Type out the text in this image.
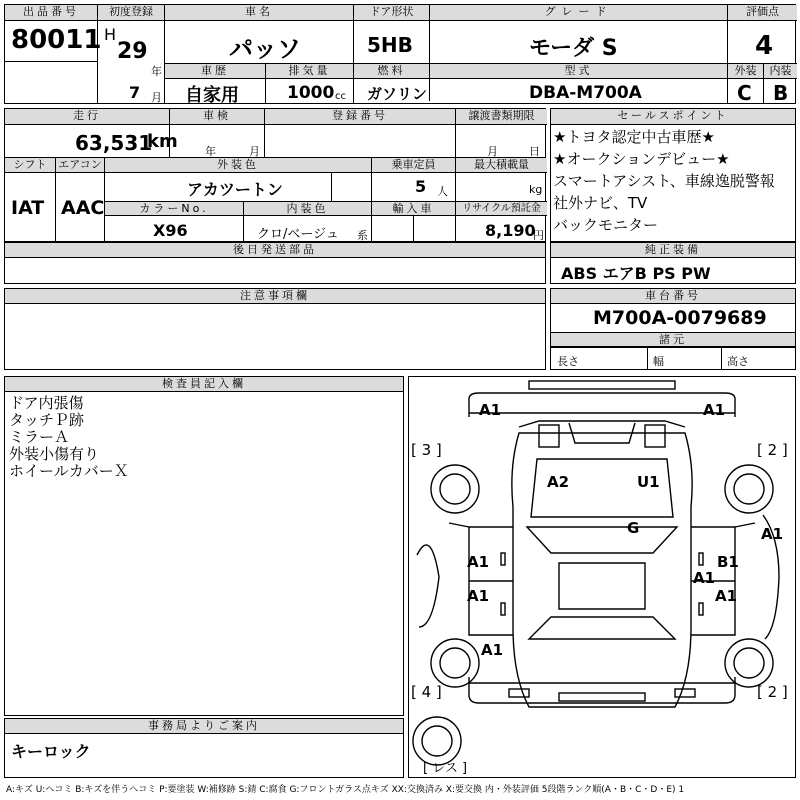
出品番号
80011
初度登録
H
29
年
7 月
車名
パッソ
ドア形状
5HB
グレード
モーダ S
評価点
4
車歴
自家用
排気量
1000 cc
燃料
ガソリン
型式
DBA-M700A
外装	内装
C B
走行
63,531
km
車検
年	月
登録番号	譲渡書類期限
月	日
シフト	エアコン
IAT AAC
外装色
アカツートン
乗車定員
5 人
最大積載量
kg
カラーNo.
X96
内装色
クロ/ベージュ 系
輸入車	リサイクル預託金
8,190
円
後日発送部品
セールスポイント
★トヨタ認定中古車歴★
★オークションデビュー★
スマートアシスト、車線逸脱警報
社外ナビ、TV
バックモニター
純正装備
ABS エアB PS PW
注意事項欄	車台番号
M700A-0079689
諸元
長さ	幅	高さ
検査員記入欄
ドア内張傷
タッチＰ跡
ミラーＡ
外装小傷有り
ホイールカバーＸ
事務局よりご案内
キーロック
A1	A1
A2	U1
G	A1
A1	B1
A1
A1	A1
A1
[ 3 ]	[ 2 ]
[ 4 ]	[ 2 ]
[ レス ]
A:キズ U:ヘコミ B:キズを伴うヘコミ P:要塗装 W:補修跡 S:錆 C:腐食 G:フロントガラス点キズ XX:交換済み X:要交換 内・外装評価 5段階ランク順(A・B・C・D・E) 1
